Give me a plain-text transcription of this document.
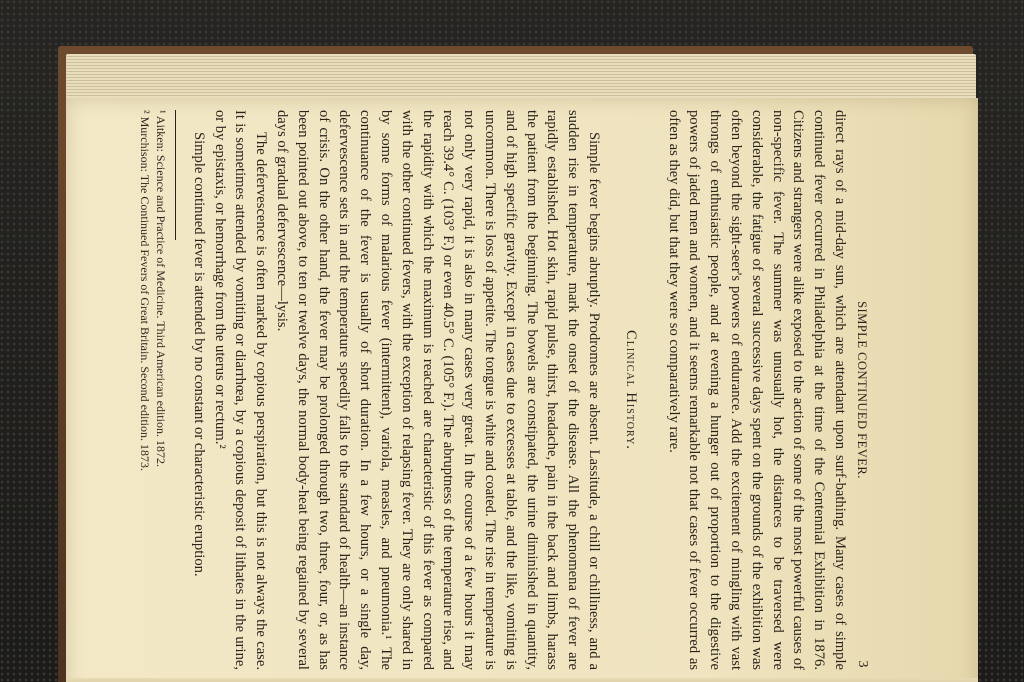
SIMPLE CONTINUED FEVER.
3

direct rays of a mid-day sun, which are attendant upon surf-bathing. Many cases of simple continued fever occurred in Philadelphia at the time of the Centennial Exhibition in 1876. Citizens and strangers were alike exposed to the action of some of the most powerful causes of non-specific fever. The summer was unusually hot, the distances to be traversed were considerable, the fatigue of several successive days spent on the grounds of the exhibition was often beyond the sight-seer's powers of endurance. Add the excitement of mingling with vast throngs of enthusiastic people, and at evening a hunger out of proportion to the digestive powers of jaded men and women, and it seems remarkable not that cases of fever occurred as often as they did, but that they were so comparatively rare.

Clinical History.

Simple fever begins abruptly. Prodromes are absent. Lassitude, a chill or chilliness, and a sudden rise in temperature, mark the onset of the disease. All the phenomena of fever are rapidly established. Hot skin, rapid pulse, thirst, headache, pain in the back and limbs, harass the patient from the beginning. The bowels are constipated, the urine diminished in quantity, and of high specific gravity. Except in cases due to excesses at table, and the like, vomiting is uncommon. There is loss of appetite. The tongue is white and coated. The rise in temperature is not only very rapid, it is also in many cases very great. In the course of a few hours it may reach 39.4° C. (103° F.) or even 40.5° C. (105° F.). The abruptness of the temperature rise, and the rapidity with which the maximum is reached are characteristic of this fever as compared with the other continued fevers, with the exception of relapsing fever. They are only shared in by some forms of malarious fever (intermittent), variola, measles, and pneumonia.¹ The continuance of the fever is usually of short duration. In a few hours, or a single day, defervescence sets in and the temperature speedily falls to the standard of health—an instance of crisis. On the other hand, the fever may be prolonged through two, three, four, or, as has been pointed out above, to ten or twelve days, the normal body-heat being regained by several days of gradual defervescence—lysis.

The defervescence is often marked by copious perspiration, but this is not always the case. It is sometimes attended by vomiting or diarrhœa, by a copious deposit of lithates in the urine, or by epistaxis, or hemorrhage from the uterus or rectum.²

Simple continued fever is attended by no constant or characteristic eruption.

¹ Aitken: Science and Practice of Medicine. Third American edition. 1872.

² Murchison: The Continued Fevers of Great Britain. Second edition. 1873.
